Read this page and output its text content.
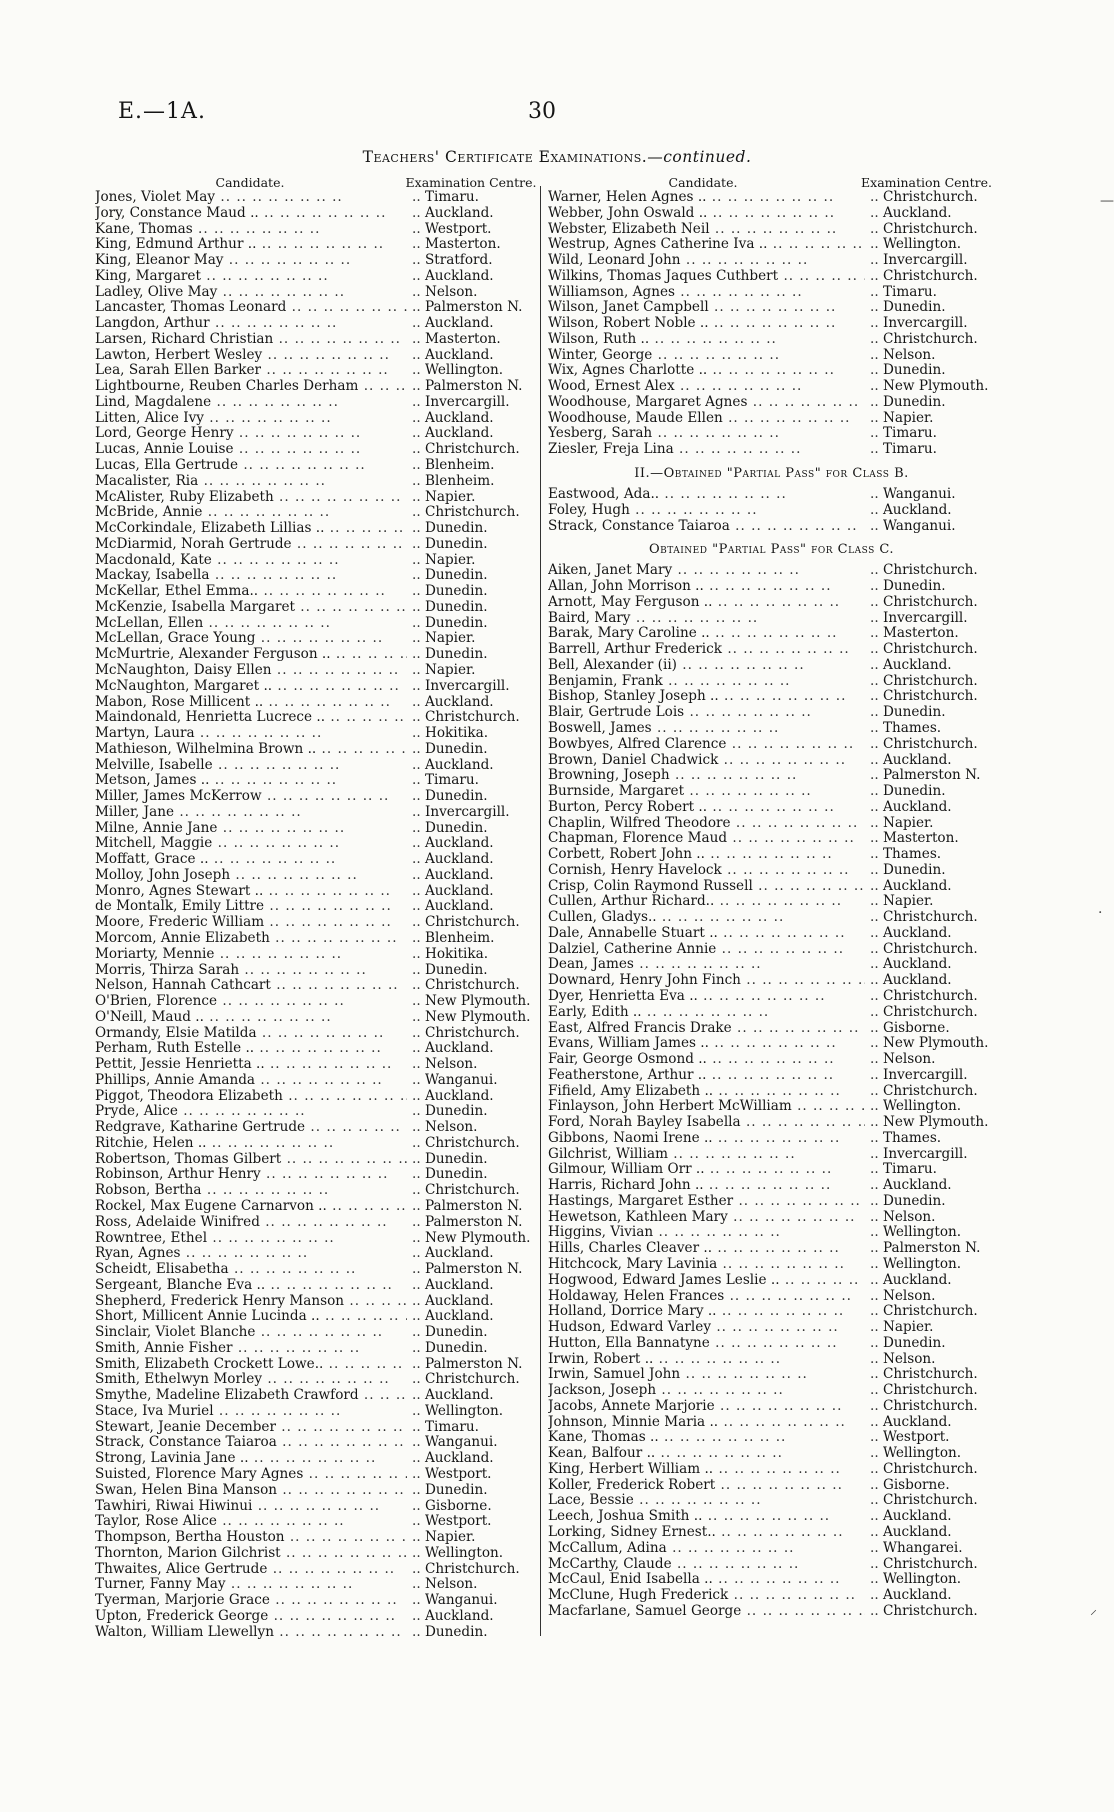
E.—1A.	30
Teachers' Certificate Examinations.—continued.
Candidate.	Examination Centre.
Jones, Violet May ..	.. Timaru.
Jory, Constance Maud .. ..	.. Auckland.
Kane, Thomas ..	.. Westport.
King, Edmund Arthur .. ..	.. Masterton.
King, Eleanor May ..	.. Stratford.
King, Margaret ..	.. Auckland.
Ladley, Olive May ..	.. Nelson.
Lancaster, Thomas Leonard ..	.. Palmerston N.
Langdon, Arthur ..	.. Auckland.
Larsen, Richard Christian ..	.. Masterton.
Lawton, Herbert Wesley ..	.. Auckland.
Lea, Sarah Ellen Barker ..	.. Wellington.
Lightbourne, Reuben Charles Derham ..	.. Palmerston N.
Lind, Magdalene ..	.. Invercargill.
Litten, Alice Ivy ..	.. Auckland.
Lord, George Henry ..	.. Auckland.
Lucas, Annie Louise ..	.. Christchurch.
Lucas, Ella Gertrude ..	.. Blenheim.
Macalister, Ria ..	.. Blenheim.
McAlister, Ruby Elizabeth ..	.. Napier.
McBride, Annie ..	.. Christchurch.
McCorkindale, Elizabeth Lillias .. ..	.. Dunedin.
McDiarmid, Norah Gertrude ..	.. Dunedin.
Macdonald, Kate ..	.. Napier.
Mackay, Isabella ..	.. Dunedin.
McKellar, Ethel Emma.. ..	.. Dunedin.
McKenzie, Isabella Margaret ..	.. Dunedin.
McLellan, Ellen ..	.. Dunedin.
McLellan, Grace Young ..	.. Napier.
McMurtrie, Alexander Ferguson .. ..	.. Dunedin.
McNaughton, Daisy Ellen ..	.. Napier.
McNaughton, Margaret .. ..	.. Invercargill.
Mabon, Rose Millicent .. ..	.. Auckland.
Maindonald, Henrietta Lucrece .. ..	.. Christchurch.
Martyn, Laura ..	.. Hokitika.
Mathieson, Wilhelmina Brown .. ..	.. Dunedin.
Melville, Isabelle ..	.. Auckland.
Metson, James .. ..	.. Timaru.
Miller, James McKerrow ..	.. Dunedin.
Miller, Jane ..	.. Invercargill.
Milne, Annie Jane ..	.. Dunedin.
Mitchell, Maggie ..	.. Auckland.
Moffatt, Grace .. ..	.. Auckland.
Molloy, John Joseph ..	.. Auckland.
Monro, Agnes Stewart .. ..	.. Auckland.
de Montalk, Emily Littre ..	.. Auckland.
Moore, Frederic William ..	.. Christchurch.
Morcom, Annie Elizabeth ..	.. Blenheim.
Moriarty, Mennie ..	.. Hokitika.
Morris, Thirza Sarah ..	.. Dunedin.
Nelson, Hannah Cathcart ..	.. Christchurch.
O'Brien, Florence ..	.. New Plymouth.
O'Neill, Maud .. ..	.. New Plymouth.
Ormandy, Elsie Matilda ..	.. Christchurch.
Perham, Ruth Estelle .. ..	.. Auckland.
Pettit, Jessie Henrietta .. ..	.. Nelson.
Phillips, Annie Amanda ..	.. Wanganui.
Piggot, Theodora Elizabeth ..	.. Auckland.
Pryde, Alice ..	.. Dunedin.
Redgrave, Katharine Gertrude ..	.. Nelson.
Ritchie, Helen .. ..	.. Christchurch.
Robertson, Thomas Gilbert ..	.. Dunedin.
Robinson, Arthur Henry ..	.. Dunedin.
Robson, Bertha ..	.. Christchurch.
Rockel, Max Eugene Carnarvon .. ..	.. Palmerston N.
Ross, Adelaide Winifred ..	.. Palmerston N.
Rowntree, Ethel ..	.. New Plymouth.
Ryan, Agnes ..	.. Auckland.
Scheidt, Elisabetha ..	.. Palmerston N.
Sergeant, Blanche Eva .. ..	.. Auckland.
Shepherd, Frederick Henry Manson ..	.. Auckland.
Short, Millicent Annie Lucinda .. ..	.. Auckland.
Sinclair, Violet Blanche ..	.. Dunedin.
Smith, Annie Fisher ..	.. Dunedin.
Smith, Elizabeth Crockett Lowe.. ..	.. Palmerston N.
Smith, Ethelwyn Morley ..	.. Christchurch.
Smythe, Madeline Elizabeth Crawford ..	.. Auckland.
Stace, Iva Muriel ..	.. Wellington.
Stewart, Jeanie December ..	.. Timaru.
Strack, Constance Taiaroa ..	.. Wanganui.
Strong, Lavinia Jane .. ..	.. Auckland.
Suisted, Florence Mary Agnes ..	.. Westport.
Swan, Helen Bina Manson ..	.. Dunedin.
Tawhiri, Riwai Hiwinui ..	.. Gisborne.
Taylor, Rose Alice ..	.. Westport.
Thompson, Bertha Houston ..	.. Napier.
Thornton, Marion Gilchrist ..	.. Wellington.
Thwaites, Alice Gertrude ..	.. Christchurch.
Turner, Fanny May ..	.. Nelson.
Tyerman, Marjorie Grace ..	.. Wanganui.
Upton, Frederick George ..	.. Auckland.
Walton, William Llewellyn ..	.. Dunedin.
Candidate.	Examination Centre.
Warner, Helen Agnes .. ..	.. Christchurch.
Webber, John Oswald .. ..	.. Auckland.
Webster, Elizabeth Neil ..	.. Christchurch.
Westrup, Agnes Catherine Iva .. ..	.. Wellington.
Wild, Leonard John ..	.. Invercargill.
Wilkins, Thomas Jaques Cuthbert ..	.. Christchurch.
Williamson, Agnes ..	.. Timaru.
Wilson, Janet Campbell ..	.. Dunedin.
Wilson, Robert Noble .. ..	.. Invercargill.
Wilson, Ruth .. ..	.. Christchurch.
Winter, George ..	.. Nelson.
Wix, Agnes Charlotte .. ..	.. Dunedin.
Wood, Ernest Alex ..	.. New Plymouth.
Woodhouse, Margaret Agnes ..	.. Dunedin.
Woodhouse, Maude Ellen ..	.. Napier.
Yesberg, Sarah ..	.. Timaru.
Ziesler, Freja Lina ..	.. Timaru.
II.—Obtained "Partial Pass" for Class B.
Eastwood, Ada.. ..	.. Wanganui.
Foley, Hugh ..	.. Auckland.
Strack, Constance Taiaroa ..	.. Wanganui.
Obtained "Partial Pass" for Class C.
Aiken, Janet Mary ..	.. Christchurch.
Allan, John Morrison .. ..	.. Dunedin.
Arnott, May Ferguson .. ..	.. Christchurch.
Baird, Mary ..	.. Invercargill.
Barak, Mary Caroline .. ..	.. Masterton.
Barrell, Arthur Frederick ..	.. Christchurch.
Bell, Alexander (ii) ..	.. Auckland.
Benjamin, Frank ..	.. Christchurch.
Bishop, Stanley Joseph .. ..	.. Christchurch.
Blair, Gertrude Lois ..	.. Dunedin.
Boswell, James ..	.. Thames.
Bowbyes, Alfred Clarence ..	.. Christchurch.
Brown, Daniel Chadwick ..	.. Auckland.
Browning, Joseph ..	.. Palmerston N.
Burnside, Margaret ..	.. Dunedin.
Burton, Percy Robert .. ..	.. Auckland.
Chaplin, Wilfred Theodore ..	.. Napier.
Chapman, Florence Maud ..	.. Masterton.
Corbett, Robert John .. ..	.. Thames.
Cornish, Henry Havelock ..	.. Dunedin.
Crisp, Colin Raymond Russell ..	.. Auckland.
Cullen, Arthur Richard.. ..	.. Napier.
Cullen, Gladys.. ..	.. Christchurch.
Dale, Annabelle Stuart .. ..	.. Auckland.
Dalziel, Catherine Annie ..	.. Christchurch.
Dean, James ..	.. Auckland.
Downard, Henry John Finch ..	.. Auckland.
Dyer, Henrietta Eva .. ..	.. Christchurch.
Early, Edith .. ..	.. Christchurch.
East, Alfred Francis Drake ..	.. Gisborne.
Evans, William James .. ..	.. New Plymouth.
Fair, George Osmond .. ..	.. Nelson.
Featherstone, Arthur .. ..	.. Invercargill.
Fifield, Amy Elizabeth .. ..	.. Christchurch.
Finlayson, John Herbert McWilliam ..	.. Wellington.
Ford, Norah Bayley Isabella ..	.. New Plymouth.
Gibbons, Naomi Irene .. ..	.. Thames.
Gilchrist, William ..	.. Invercargill.
Gilmour, William Orr .. ..	.. Timaru.
Harris, Richard John .. ..	.. Auckland.
Hastings, Margaret Esther ..	.. Dunedin.
Hewetson, Kathleen Mary ..	.. Nelson.
Higgins, Vivian ..	.. Wellington.
Hills, Charles Cleaver .. ..	.. Palmerston N.
Hitchcock, Mary Lavinia ..	.. Wellington.
Hogwood, Edward James Leslie .. ..	.. Auckland.
Holdaway, Helen Frances ..	.. Nelson.
Holland, Dorrice Mary .. ..	.. Christchurch.
Hudson, Edward Varley ..	.. Napier.
Hutton, Ella Bannatyne ..	.. Dunedin.
Irwin, Robert .. ..	.. Nelson.
Irwin, Samuel John ..	.. Christchurch.
Jackson, Joseph ..	.. Christchurch.
Jacobs, Annete Marjorie ..	.. Christchurch.
Johnson, Minnie Maria .. ..	.. Auckland.
Kane, Thomas .. ..	.. Westport.
Kean, Balfour .. ..	.. Wellington.
King, Herbert William .. ..	.. Christchurch.
Koller, Frederick Robert ..	.. Gisborne.
Lace, Bessie ..	.. Christchurch.
Leech, Joshua Smith .. ..	.. Auckland.
Lorking, Sidney Ernest.. ..	.. Auckland.
McCallum, Adina ..	.. Whangarei.
McCarthy, Claude ..	.. Christchurch.
McCaul, Enid Isabella .. ..	.. Wellington.
McClune, Hugh Frederick ..	.. Auckland.
Macfarlane, Samuel George ..	.. Christchurch.
—
·
⸝
